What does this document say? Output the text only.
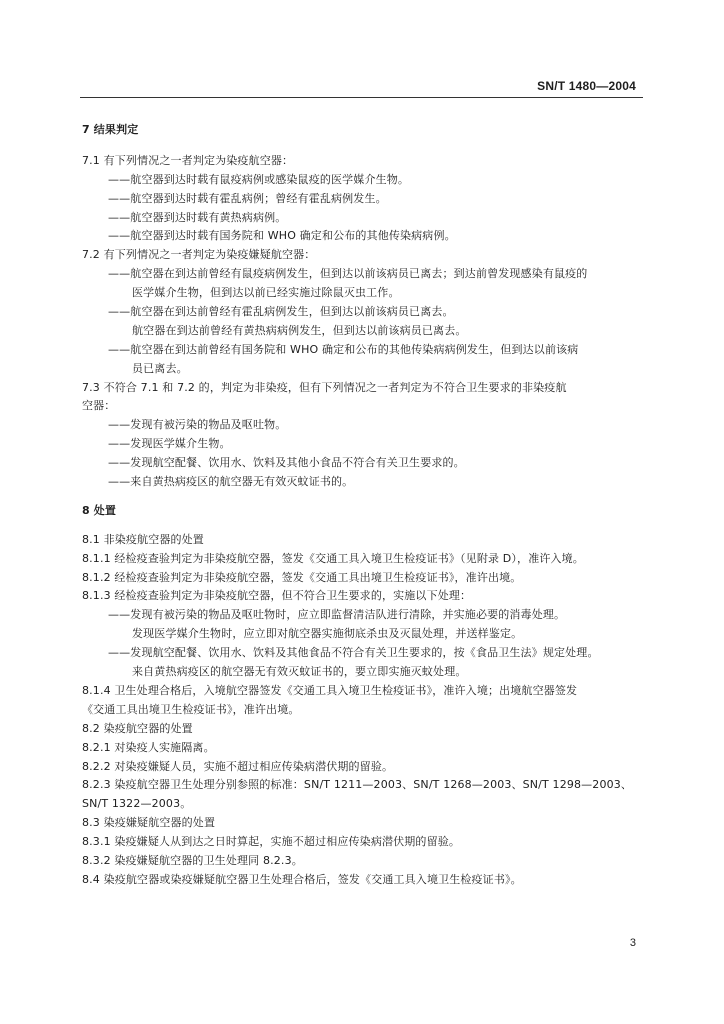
SN/T 1480—2004
7 结果判定
7.1 有下列情况之一者判定为染疫航空器：
——航空器到达时载有鼠疫病例或感染鼠疫的医学媒介生物。
——航空器到达时载有霍乱病例；曾经有霍乱病例发生。
——航空器到达时载有黄热病病例。
——航空器到达时载有国务院和 WHO 确定和公布的其他传染病病例。
7.2 有下列情况之一者判定为染疫嫌疑航空器：
——航空器在到达前曾经有鼠疫病例发生，但到达以前该病员已离去；到达前曾发现感染有鼠疫的
医学媒介生物，但到达以前已经实施过除鼠灭虫工作。
——航空器在到达前曾经有霍乱病例发生，但到达以前该病员已离去。
航空器在到达前曾经有黄热病病例发生，但到达以前该病员已离去。
——航空器在到达前曾经有国务院和 WHO 确定和公布的其他传染病病例发生，但到达以前该病
员已离去。
7.3 不符合 7.1 和 7.2 的，判定为非染疫，但有下列情况之一者判定为不符合卫生要求的非染疫航
空器：
——发现有被污染的物品及呕吐物。
——发现医学媒介生物。
——发现航空配餐、饮用水、饮料及其他小食品不符合有关卫生要求的。
——来自黄热病疫区的航空器无有效灭蚊证书的。
8 处置
8.1 非染疫航空器的处置
8.1.1 经检疫查验判定为非染疫航空器，签发《交通工具入境卫生检疫证书》（见附录 D），准许入境。
8.1.2 经检疫查验判定为非染疫航空器，签发《交通工具出境卫生检疫证书》，准许出境。
8.1.3 经检疫查验判定为非染疫航空器，但不符合卫生要求的，实施以下处理：
——发现有被污染的物品及呕吐物时，应立即监督清洁队进行清除，并实施必要的消毒处理。
发现医学媒介生物时，应立即对航空器实施彻底杀虫及灭鼠处理，并送样鉴定。
——发现航空配餐、饮用水、饮料及其他食品不符合有关卫生要求的，按《食品卫生法》规定处理。
来自黄热病疫区的航空器无有效灭蚊证书的，要立即实施灭蚊处理。
8.1.4 卫生处理合格后，入境航空器签发《交通工具入境卫生检疫证书》，准许入境；出境航空器签发
《交通工具出境卫生检疫证书》，准许出境。
8.2 染疫航空器的处置
8.2.1 对染疫人实施隔离。
8.2.2 对染疫嫌疑人员，实施不超过相应传染病潜伏期的留验。
8.2.3 染疫航空器卫生处理分别参照的标准：SN/T 1211—2003、SN/T 1268—2003、SN/T 1298—2003、
SN/T 1322—2003。
8.3 染疫嫌疑航空器的处置
8.3.1 染疫嫌疑人从到达之日时算起，实施不超过相应传染病潜伏期的留验。
8.3.2 染疫嫌疑航空器的卫生处理同 8.2.3。
8.4 染疫航空器或染疫嫌疑航空器卫生处理合格后，签发《交通工具入境卫生检疫证书》。
3
